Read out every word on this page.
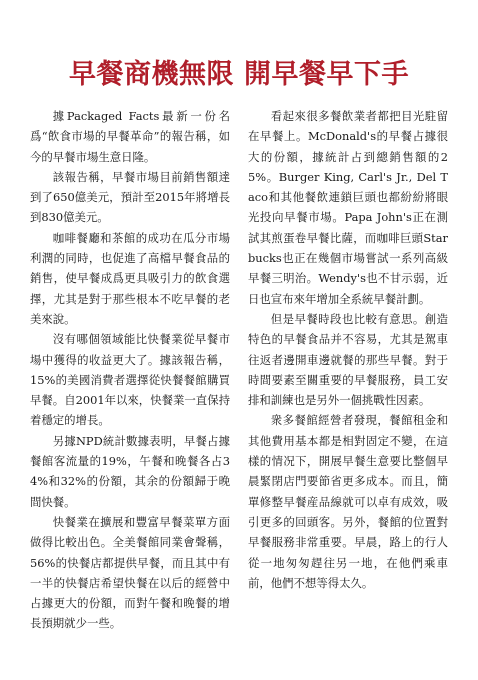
早餐商機無限 開早餐早下手

據Packaged Facts最新一份名爲“飲食市場的早餐革命”的報告稱，如今的早餐市場生意日隆。

該報告稱，早餐市場目前銷售額達到了650億美元，預計至2015年將增長到830億美元。

咖啡餐廳和茶館的成功在瓜分市場利潤的同時，也促進了高檔早餐食品的銷售，使早餐成爲更具吸引力的飲食選擇，尤其是對于那些根本不吃早餐的老美來說。

沒有哪個領域能比快餐業從早餐市場中獲得的收益更大了。據該報告稱，15%的美國消費者選擇從快餐餐館購買早餐。自2001年以來，快餐業一直保持着穩定的增長。

另據NPD統計數據表明，早餐占據餐館客流量的19%，午餐和晚餐各占34%和32%的份額，其余的份額歸于晚間快餐。

快餐業在擴展和豐富早餐菜單方面做得比較出色。全美餐館同業會聲稱，56%的快餐店都提供早餐，而且其中有一半的快餐店希望快餐在以后的經營中占據更大的份額，而對午餐和晚餐的增長預期就少一些。

看起來很多餐飲業者都把目光駐留在早餐上。McDonald's的早餐占據很大的份額，據統計占到總銷售額的25%。Burger King, Carl's Jr., Del Taco和其他餐飲連鎖巨頭也都紛紛將眼光投向早餐市場。Papa John's正在測試其煎蛋卷早餐比薩，而咖啡巨頭Starbucks也正在幾個市場嘗試一系列高級早餐三明治。Wendy's也不甘示弱，近日也宣布來年增加全系統早餐計劃。

但是早餐時段也比較有意思。創造特色的早餐食品并不容易，尤其是駕車往返者邊開車邊就餐的那些早餐。對于時間要素至關重要的早餐服務，員工安排和訓練也是另外一個挑戰性因素。

衆多餐館經營者發現，餐館租金和其他費用基本都是相對固定不變，在這樣的情况下，開展早餐生意要比整個早晨緊閉店門要節省更多成本。而且，簡單修整早餐産品線就可以卓有成效，吸引更多的回頭客。另外，餐館的位置對早餐服務非常重要。早晨，路上的行人從一地匆匆趕往另一地，在他們乘車前，他們不想等得太久。
